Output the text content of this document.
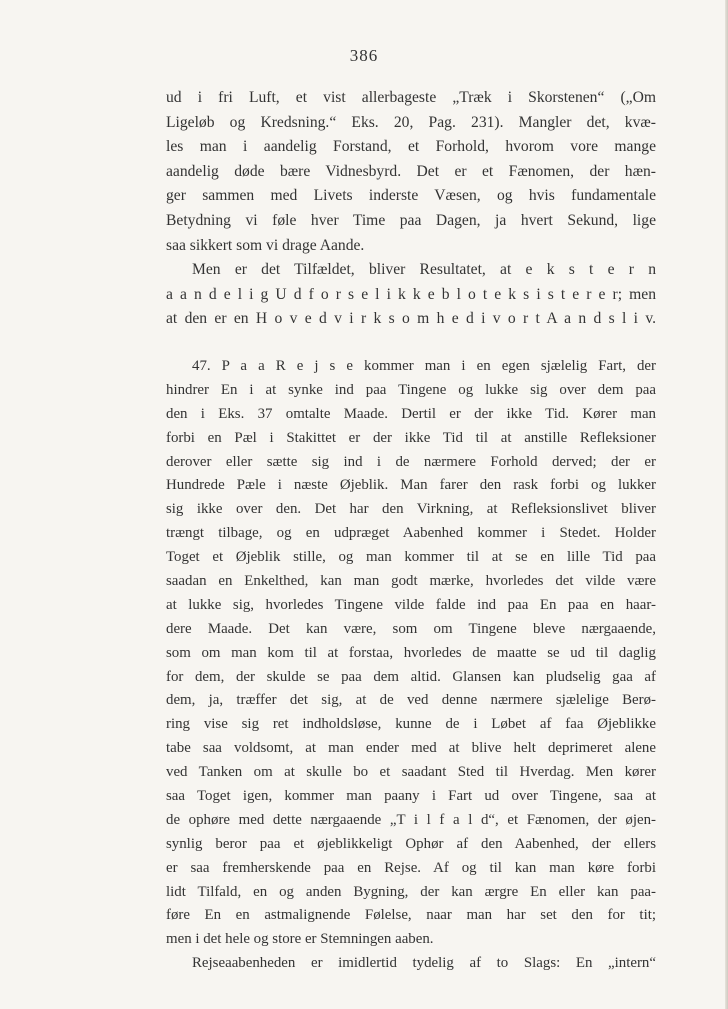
386
ud i fri Luft, et vist allerbageste „Træk i Skorstenen“ („Om
Ligeløb og Kredsning.“ Eks. 20, Pag. 231). Mangler det, kvæ-
les man i aandelig Forstand, et Forhold, hvorom vore mange
aandelig døde bære Vidnesbyrd. Det er et Fænomen, der hæn-
ger sammen med Livets inderste Væsen, og hvis fundamentale
Betydning vi føle hver Time paa Dagen, ja hvert Sekund, lige
saa sikkert som vi drage Aande.
Men er det Tilfældet, bliver Resultatet, at e k s t e r n
a a n d e l i g U d f o r s e l i k k e b l o t e k s i s t e r e r; men
at den er en H o v e d v i r k s o m h e d i v o r t A a n d s l i v.
47. P a a R e j s e kommer man i en egen sjælelig Fart, der
hindrer En i at synke ind paa Tingene og lukke sig over dem paa
den i Eks. 37 omtalte Maade. Dertil er der ikke Tid. Kører man
forbi en Pæl i Stakittet er der ikke Tid til at anstille Refleksioner
derover eller sætte sig ind i de nærmere Forhold derved; der er
Hundrede Pæle i næste Øjeblik. Man farer den rask forbi og lukker
sig ikke over den. Det har den Virkning, at Refleksionslivet bliver
trængt tilbage, og en udpræget Aabenhed kommer i Stedet. Holder
Toget et Øjeblik stille, og man kommer til at se en lille Tid paa
saadan en Enkelthed, kan man godt mærke, hvorledes det vilde være
at lukke sig, hvorledes Tingene vilde falde ind paa En paa en haar-
dere Maade. Det kan være, som om Tingene bleve nærgaaende,
som om man kom til at forstaa, hvorledes de maatte se ud til daglig
for dem, der skulde se paa dem altid. Glansen kan pludselig gaa af
dem, ja, træffer det sig, at de ved denne nærmere sjælelige Berø-
ring vise sig ret indholdsløse, kunne de i Løbet af faa Øjeblikke
tabe saa voldsomt, at man ender med at blive helt deprimeret alene
ved Tanken om at skulle bo et saadant Sted til Hverdag. Men kører
saa Toget igen, kommer man paany i Fart ud over Tingene, saa at
de ophøre med dette nærgaaende „T i l f a l d“, et Fænomen, der øjen-
synlig beror paa et øjeblikkeligt Ophør af den Aabenhed, der ellers
er saa fremherskende paa en Rejse. Af og til kan man køre forbi
lidt Tilfald, en og anden Bygning, der kan ærgre En eller kan paa-
føre En en astmalignende Følelse, naar man har set den for tit;
men i det hele og store er Stemningen aaben.
Rejseaabenheden er imidlertid tydelig af to Slags: En „intern“
